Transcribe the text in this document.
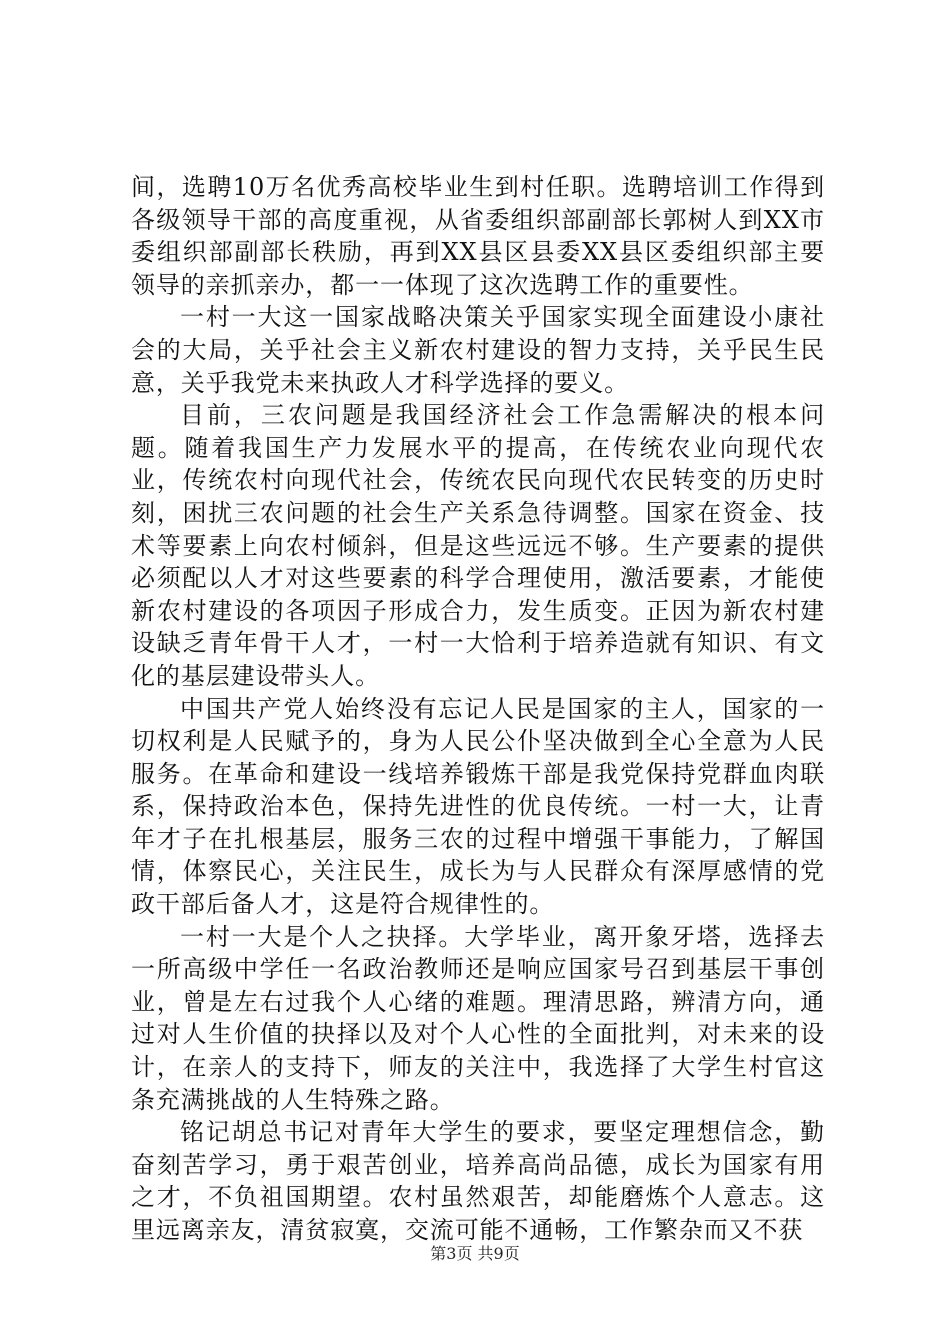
间，选聘10万名优秀高校毕业生到村任职。选聘培训工作得到各级领导干部的高度重视，从省委组织部副部长郭树人到XX市委组织部副部长秩励，再到XX县区县委XX县区委组织部主要领导的亲抓亲办，都一一体现了这次选聘工作的重要性。

一村一大这一国家战略决策关乎国家实现全面建设小康社会的大局，关乎社会主义新农村建设的智力支持，关乎民生民意，关乎我党未来执政人才科学选择的要义。

目前，三农问题是我国经济社会工作急需解决的根本问题。随着我国生产力发展水平的提高，在传统农业向现代农业，传统农村向现代社会，传统农民向现代农民转变的历史时刻，困扰三农问题的社会生产关系急待调整。国家在资金、技术等要素上向农村倾斜，但是这些远远不够。生产要素的提供必须配以人才对这些要素的科学合理使用，激活要素，才能使新农村建设的各项因子形成合力，发生质变。正因为新农村建设缺乏青年骨干人才，一村一大恰利于培养造就有知识、有文化的基层建设带头人。

中国共产党人始终没有忘记人民是国家的主人，国家的一切权利是人民赋予的，身为人民公仆坚决做到全心全意为人民服务。在革命和建设一线培养锻炼干部是我党保持党群血肉联系，保持政治本色，保持先进性的优良传统。一村一大，让青年才子在扎根基层，服务三农的过程中增强干事能力，了解国情，体察民心，关注民生，成长为与人民群众有深厚感情的党政干部后备人才，这是符合规律性的。

一村一大是个人之抉择。大学毕业，离开象牙塔，选择去一所高级中学任一名政治教师还是响应国家号召到基层干事创业，曾是左右过我个人心绪的难题。理清思路，辨清方向，通过对人生价值的抉择以及对个人心性的全面批判，对未来的设计，在亲人的支持下，师友的关注中，我选择了大学生村官这条充满挑战的人生特殊之路。

铭记胡总书记对青年大学生的要求，要坚定理想信念，勤奋刻苦学习，勇于艰苦创业，培养高尚品德，成长为国家有用之才，不负祖国期望。农村虽然艰苦，却能磨炼个人意志。这里远离亲友，清贫寂寞，交流可能不通畅，工作繁杂而又不获

第3页 共9页
